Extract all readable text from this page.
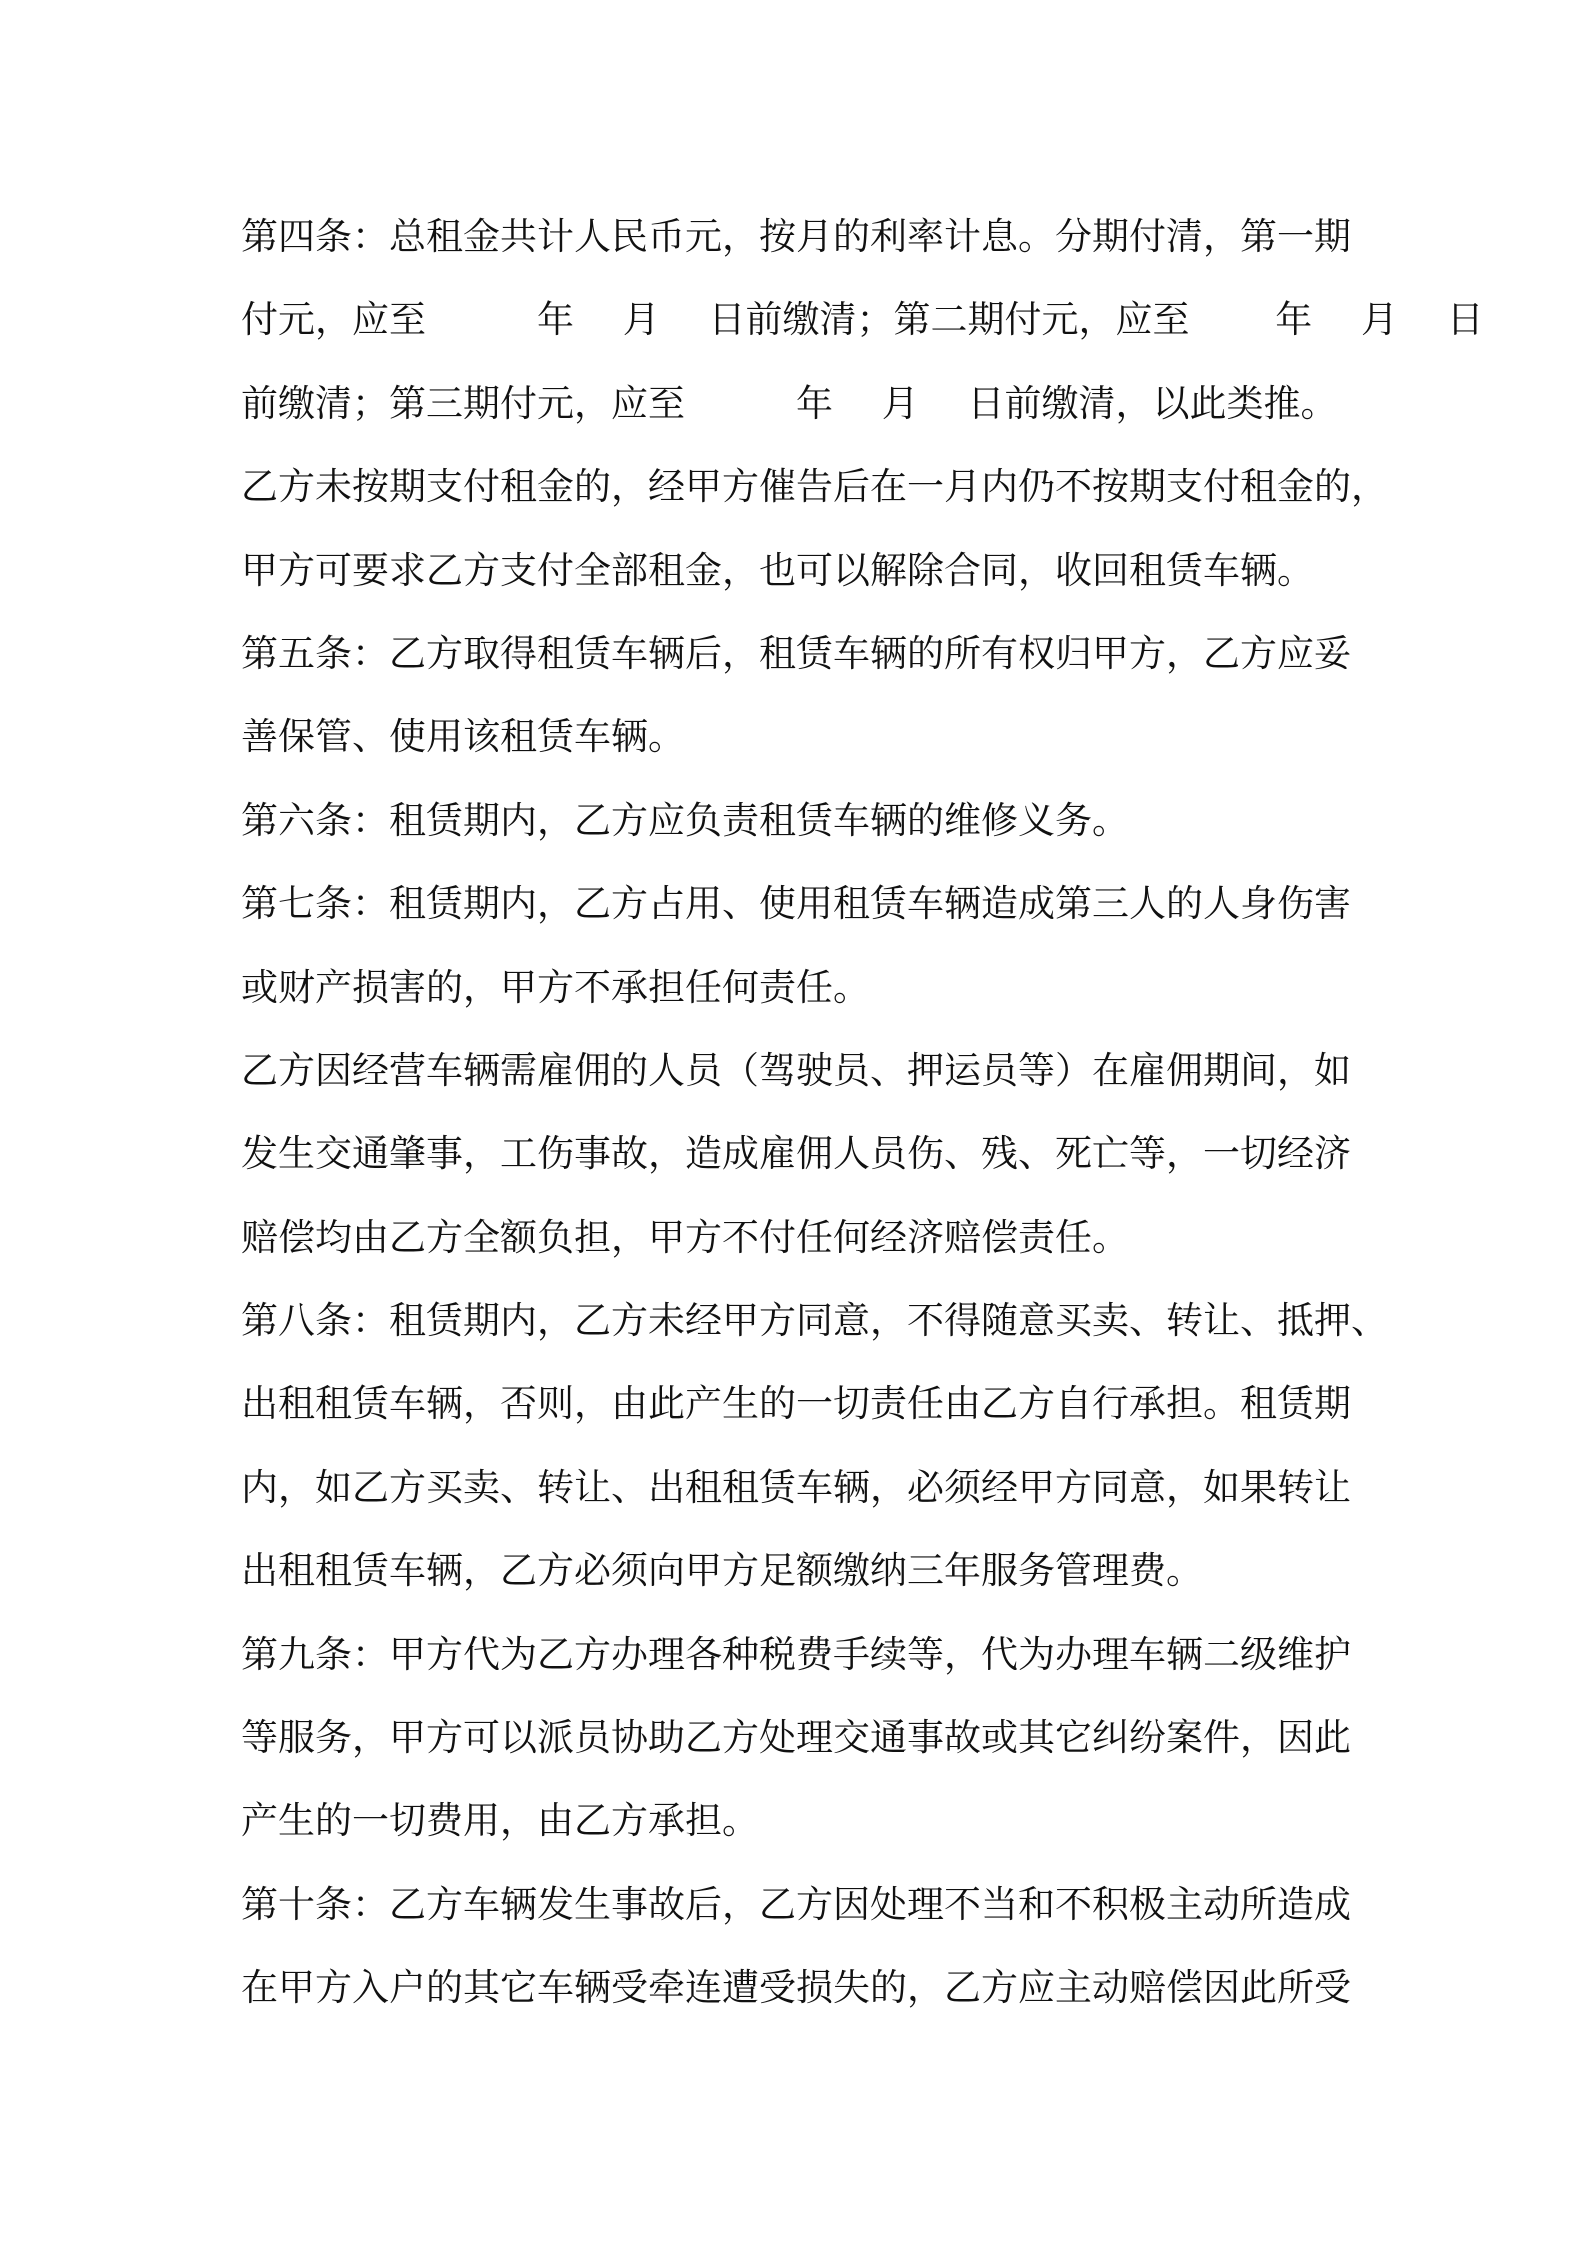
第四条：总租金共计人民币元，按月的利率计息。分期付清，第一期
付元，应至　　　年　 月　 日前缴清；第二期付元，应至　　 年　 月　 日
前缴清；第三期付元，应至　　　年　 月　 日前缴清，以此类推。
乙方未按期支付租金的，经甲方催告后在一月内仍不按期支付租金的，
甲方可要求乙方支付全部租金，也可以解除合同，收回租赁车辆。
第五条：乙方取得租赁车辆后，租赁车辆的所有权归甲方，乙方应妥
善保管、使用该租赁车辆。
第六条：租赁期内，乙方应负责租赁车辆的维修义务。
第七条：租赁期内，乙方占用、使用租赁车辆造成第三人的人身伤害
或财产损害的，甲方不承担任何责任。
乙方因经营车辆需雇佣的人员（驾驶员、押运员等）在雇佣期间，如
发生交通肇事，工伤事故，造成雇佣人员伤、残、死亡等，一切经济
赔偿均由乙方全额负担，甲方不付任何经济赔偿责任。
第八条：租赁期内，乙方未经甲方同意，不得随意买卖、转让、抵押、
出租租赁车辆，否则，由此产生的一切责任由乙方自行承担。租赁期
内，如乙方买卖、转让、出租租赁车辆，必须经甲方同意，如果转让
出租租赁车辆，乙方必须向甲方足额缴纳三年服务管理费。
第九条：甲方代为乙方办理各种税费手续等，代为办理车辆二级维护
等服务，甲方可以派员协助乙方处理交通事故或其它纠纷案件，因此
产生的一切费用，由乙方承担。
第十条：乙方车辆发生事故后，乙方因处理不当和不积极主动所造成
在甲方入户的其它车辆受牵连遭受损失的，乙方应主动赔偿因此所受
